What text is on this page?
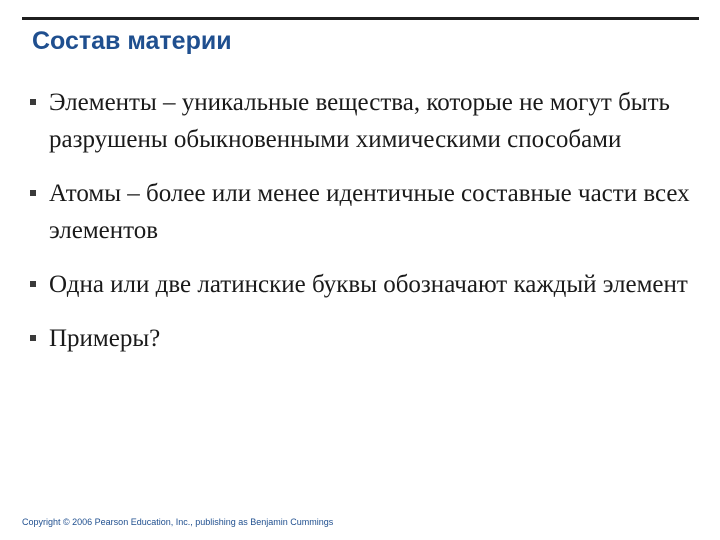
Состав материи
Элементы – уникальные вещества, которые не могут быть разрушены обыкновенными химическими способами
Атомы – более или менее идентичные составные части всех элементов
Одна или две латинские буквы обозначают каждый элемент
Примеры?
Copyright © 2006 Pearson Education, Inc., publishing as Benjamin Cummings
